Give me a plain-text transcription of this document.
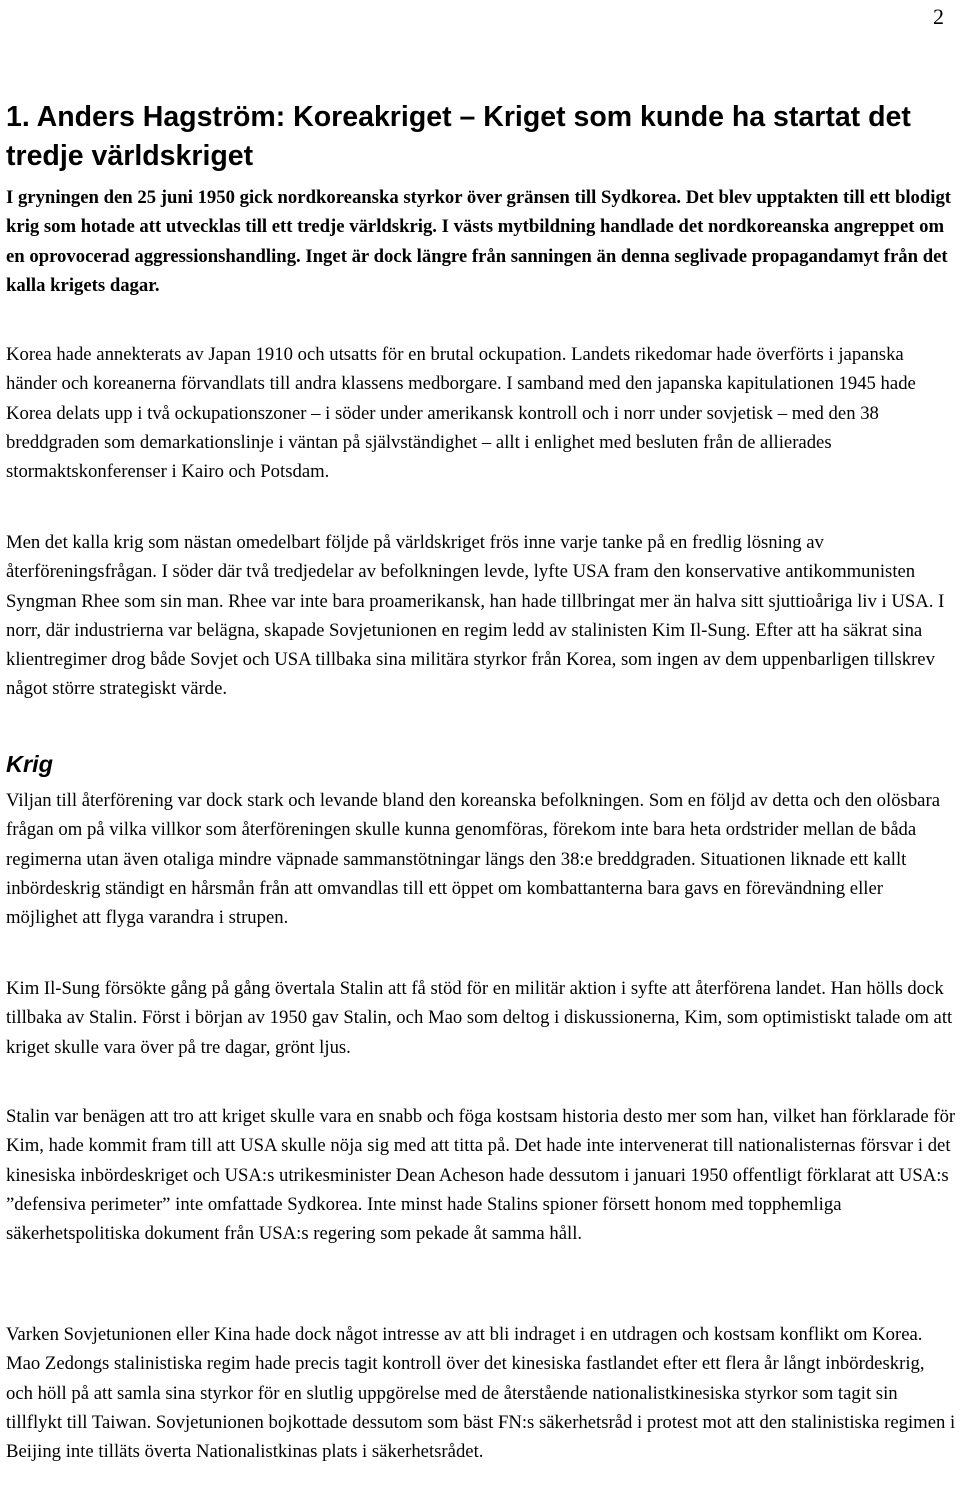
2
1. Anders Hagström: Koreakriget – Kriget som kunde ha startat det tredje världskriget

I gryningen den 25 juni 1950 gick nordkoreanska styrkor över gränsen till Sydkorea. Det blev upptakten till ett blodigt krig som hotade att utvecklas till ett tredje världskrig. I västs mytbildning handlade det nordkoreanska angreppet om en oprovocerad aggressionshandling. Inget är dock längre från sanningen än denna seglivade propagandamyt från det kalla krigets dagar.

Korea hade annekterats av Japan 1910 och utsatts för en brutal ockupation. Landets rikedomar hade överförts i japanska händer och koreanerna förvandlats till andra klassens medborgare. I samband med den japanska kapitulationen 1945 hade Korea delats upp i två ockupationszoner – i söder under amerikansk kontroll och i norr under sovjetisk – med den 38 breddgraden som demarkationslinje i väntan på självständighet – allt i enlighet med besluten från de allierades stormaktskonferenser i Kairo och Potsdam.

Men det kalla krig som nästan omedelbart följde på världskriget frös inne varje tanke på en fredlig lösning av återföreningsfrågan. I söder där två tredjedelar av befolkningen levde, lyfte USA fram den konservative antikommunisten Syngman Rhee som sin man. Rhee var inte bara proamerikansk, han hade tillbringat mer än halva sitt sjuttioåriga liv i USA. I norr, där industrierna var belägna, skapade Sovjetunionen en regim ledd av stalinisten Kim Il-Sung. Efter att ha säkrat sina klientregimer drog både Sovjet och USA tillbaka sina militära styrkor från Korea, som ingen av dem uppenbarligen tillskrev något större strategiskt värde.

Krig

Viljan till återförening var dock stark och levande bland den koreanska befolkningen. Som en följd av detta och den olösbara frågan om på vilka villkor som återföreningen skulle kunna genomföras, förekom inte bara heta ordstrider mellan de båda regimerna utan även otaliga mindre väpnade sammanstötningar längs den 38:e breddgraden. Situationen liknade ett kallt inbördeskrig ständigt en hårsmån från att omvandlas till ett öppet om kombattanterna bara gavs en förevändning eller möjlighet att flyga varandra i strupen.

Kim Il-Sung försökte gång på gång övertala Stalin att få stöd för en militär aktion i syfte att återförena landet. Han hölls dock tillbaka av Stalin. Först i början av 1950 gav Stalin, och Mao som deltog i diskussionerna, Kim, som optimistiskt talade om att kriget skulle vara över på tre dagar, grönt ljus.

Stalin var benägen att tro att kriget skulle vara en snabb och föga kostsam historia desto mer som han, vilket han förklarade för Kim, hade kommit fram till att USA skulle nöja sig med att titta på. Det hade inte intervenerat till nationalisternas försvar i det kinesiska inbördeskriget och USA:s utrikesminister Dean Acheson hade dessutom i januari 1950 offentligt förklarat att USA:s ”defensiva perimeter” inte omfattade Sydkorea. Inte minst hade Stalins spioner försett honom med topphemliga säkerhetspolitiska dokument från USA:s regering som pekade åt samma håll.

Varken Sovjetunionen eller Kina hade dock något intresse av att bli indraget i en utdragen och kostsam konflikt om Korea. Mao Zedongs stalinistiska regim hade precis tagit kontroll över det kinesiska fastlandet efter ett flera år långt inbördeskrig, och höll på att samla sina styrkor för en slutlig uppgörelse med de återstående nationalistkinesiska styrkor som tagit sin tillflykt till Taiwan. Sovjetunionen bojkottade dessutom som bäst FN:s säkerhetsråd i protest mot att den stalinistiska regimen i Beijing inte tilläts överta Nationalistkinas plats i säkerhetsrådet.
